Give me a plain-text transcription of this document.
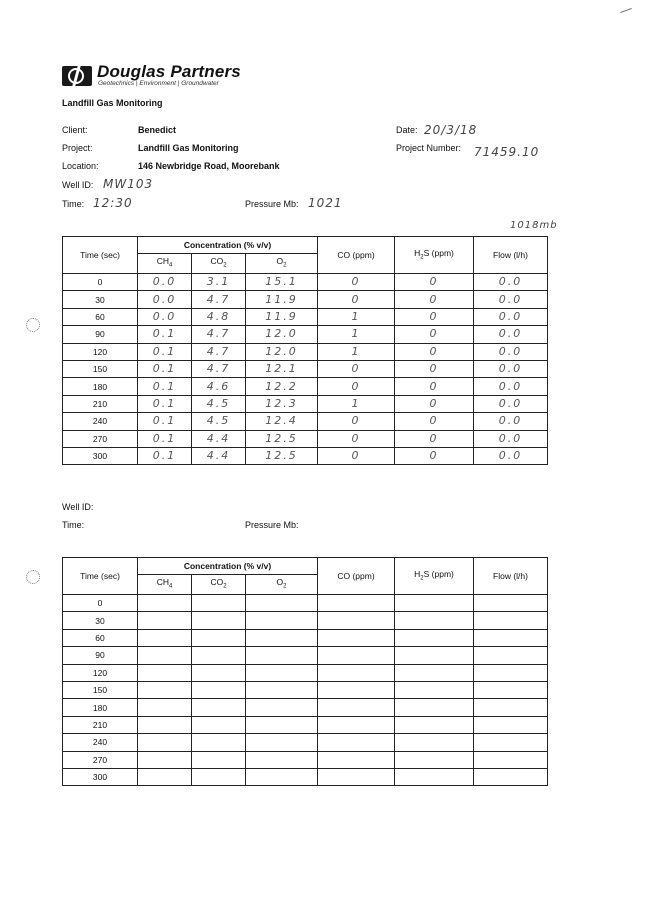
Douglas Partners
Geotechnics | Environment | Groundwater
Landfill Gas Monitoring
Client:	Benedict
Project:	Landfill Gas Monitoring
Location:	146 Newbridge Road, Moorebank
Date: 20/3/18
Project Number: 71459.10
Well ID: MW103
Time: 12:30	Pressure Mb: 1021
1018mb
Time (sec)	Concentration (% v/v)			CO (ppm)	$H_2S$ (ppm)	Flow (l/h)
	$CH_4$	$CO_2$	$O_2$
0	0.0	3.1	15.1	0	0	0.0
30	0.0	4.7	11.9	0	0	0.0
60	0.0	4.8	11.9	1	0	0.0
90	0.1	4.7	12.0	1	0	0.0
120	0.1	4.7	12.0	1	0	0.0
150	0.1	4.7	12.1	0	0	0.0
180	0.1	4.6	12.2	0	0	0.0
210	0.1	4.5	12.3	1	0	0.0
240	0.1	4.5	12.4	0	0	0.0
270	0.1	4.4	12.5	0	0	0.0
300	0.1	4.4	12.5	0	0	0.0
Well ID:
Time:	Pressure Mb:
Time (sec)	Concentration (% v/v)			CO (ppm)	$H_2S$ (ppm)	Flow (l/h)
	$CH_4$	$CO_2$	$O_2$
0						
30						
60						
90						
120						
150						
180						
210						
240						
270						
300						
